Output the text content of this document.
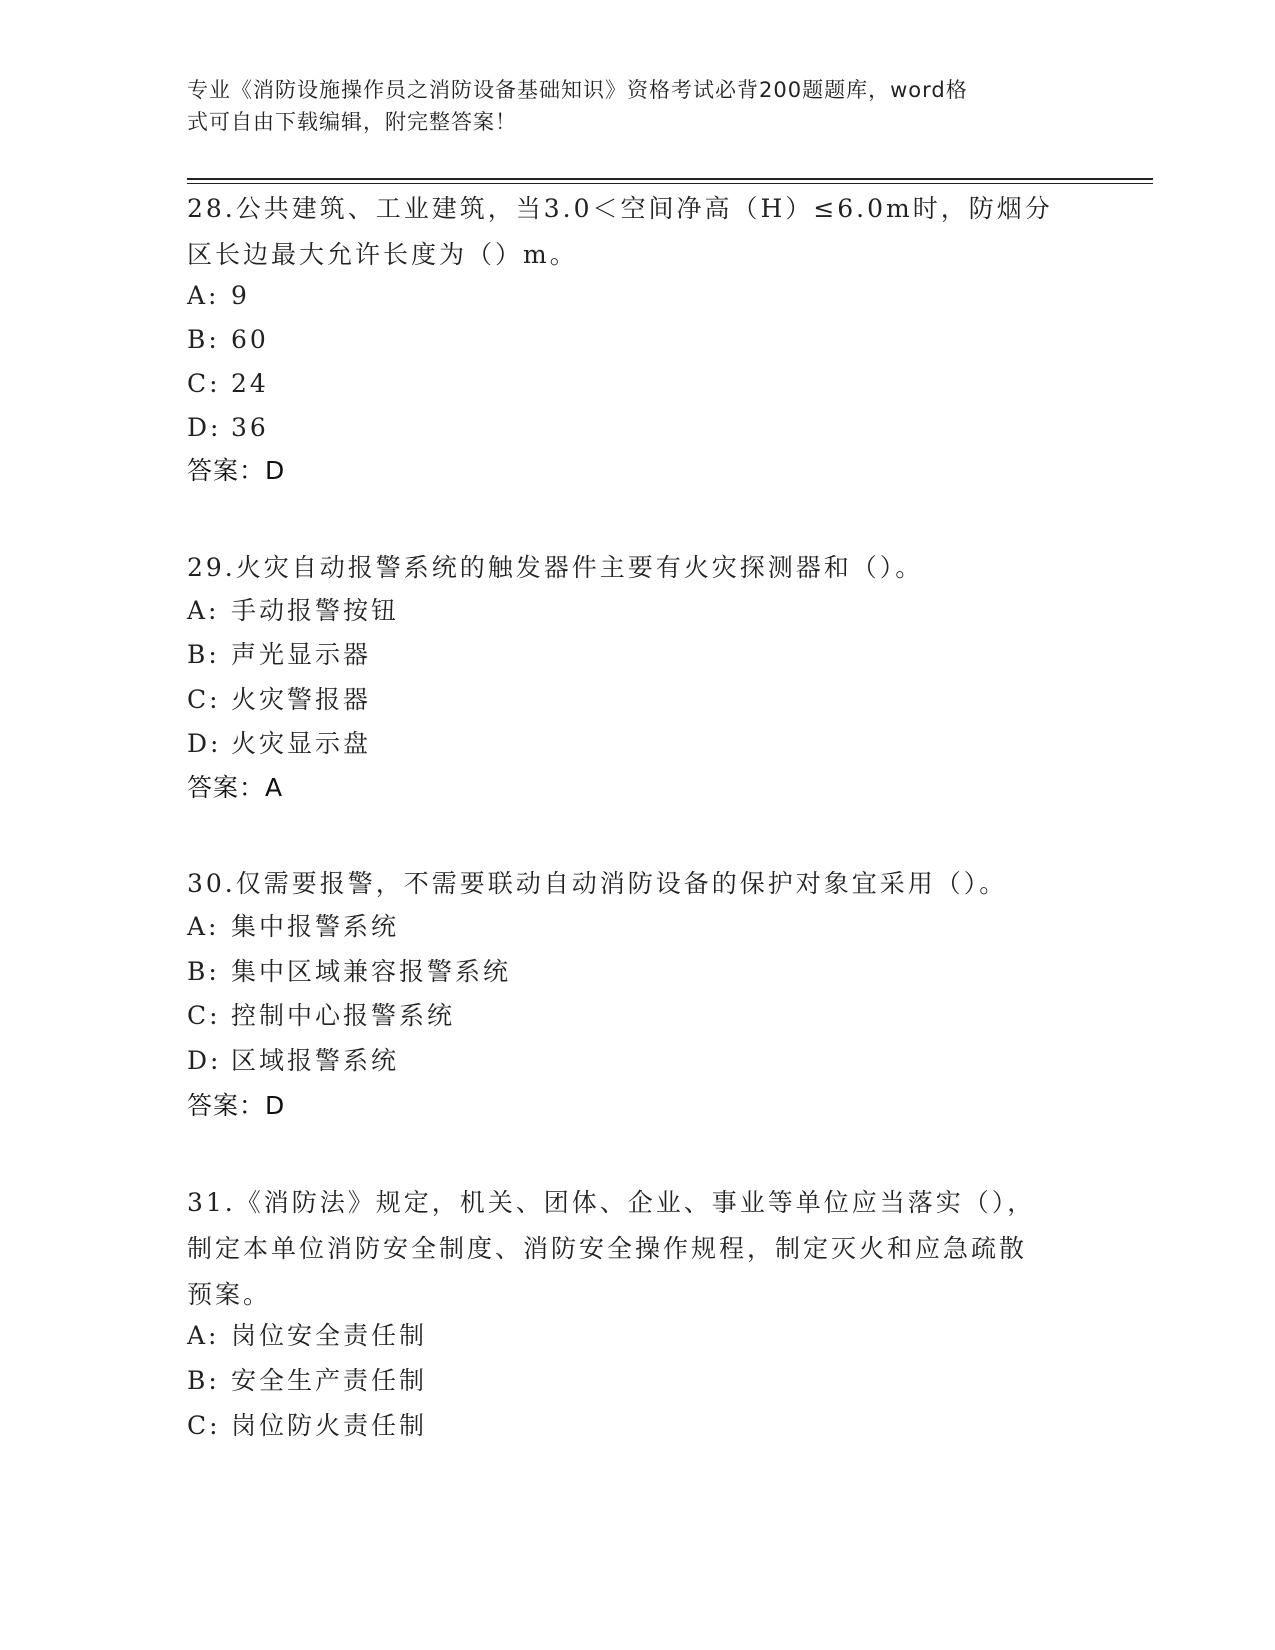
专业《消防设施操作员之消防设备基础知识》资格考试必背200题题库，word格
式可自由下载编辑，附完整答案！
28.公共建筑、工业建筑，当3.0＜空间净高（H）≤6.0m时，防烟分
区长边最大允许长度为（）m。
A: 9
B: 60
C: 24
D: 36
答案：D
29.火灾自动报警系统的触发器件主要有火灾探测器和（）。
A: 手动报警按钮
B: 声光显示器
C: 火灾警报器
D: 火灾显示盘
答案：A
30.仅需要报警，不需要联动自动消防设备的保护对象宜采用（）。
A: 集中报警系统
B: 集中区域兼容报警系统
C: 控制中心报警系统
D: 区域报警系统
答案：D
31.《消防法》规定，机关、团体、企业、事业等单位应当落实（），
制定本单位消防安全制度、消防安全操作规程，制定灭火和应急疏散
预案。
A: 岗位安全责任制
B: 安全生产责任制
C: 岗位防火责任制
